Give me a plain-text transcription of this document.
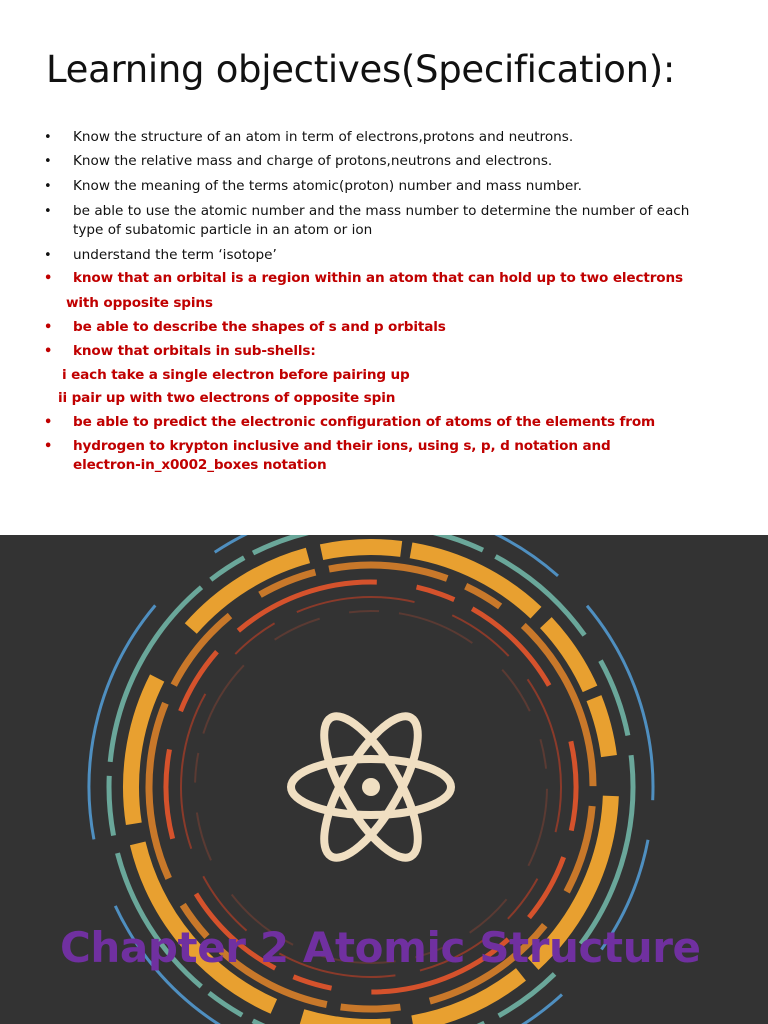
Learning objectives(Specification):
• Know the structure of an atom in term of electrons,protons and neutrons.
• Know the relative mass and charge of protons,neutrons and electrons.
• Know the meaning of the terms atomic(proton) number and mass number.
• be able to use the atomic number and the mass number to determine the number of each type of subatomic particle in an atom or ion
• understand the term ‘isotope’
• know that an orbital is a region within an atom that can hold up to two electrons
with opposite spins
• be able to describe the shapes of s and p orbitals
• know that orbitals in sub-shells:
i each take a single electron before pairing up
ii pair up with two electrons of opposite spin
• be able to predict the electronic configuration of atoms of the elements from
• hydrogen to krypton inclusive and their ions, using s, p, d notation and electron-in_x0002_boxes notation
Chapter 2 Atomic Structure
